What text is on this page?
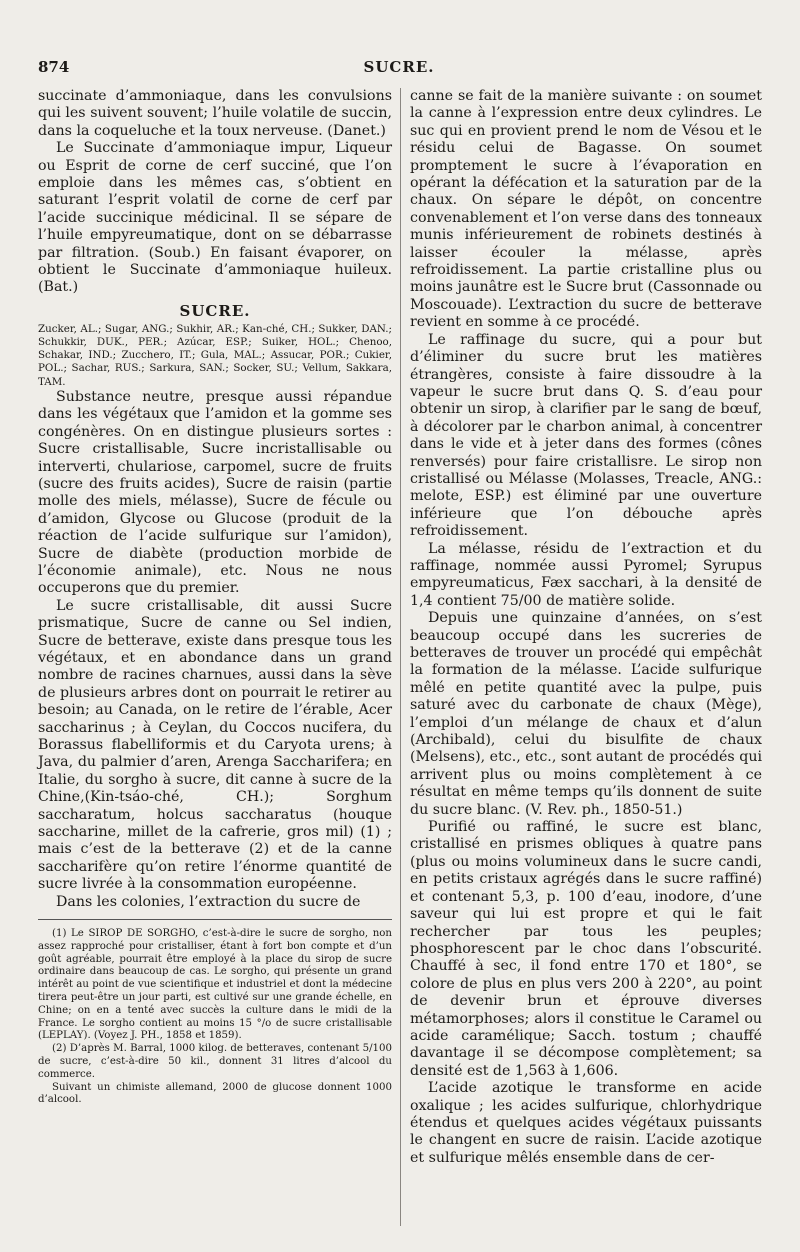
874	SUCRE.

succinate d’ammoniaque, dans les convulsions qui les suivent souvent; l’huile volatile de succin, dans la coqueluche et la toux nerveuse. (Danet.)

Le Succinate d’ammoniaque impur, Liqueur ou Esprit de corne de cerf succiné, que l’on emploie dans les mêmes cas, s’obtient en saturant l’esprit volatil de corne de cerf par l’acide succinique médicinal. Il se sépare de l’huile empyreumatique, dont on se débarrasse par filtration. (Soub.) En faisant évaporer, on obtient le Succinate d’ammoniaque huileux. (Bat.)

SUCRE.

Zucker, AL.; Sugar, ANG.; Sukhir, AR.; Kan-ché, CH.; Sukker, DAN.; Schukkir, DUK., PER.; Azúcar, ESP.; Suiker, HOL.; Chenoo, Schakar, IND.; Zucchero, IT.; Gula, MAL.; Assucar, POR.; Cukier, POL.; Sachar, RUS.; Sarkura, SAN.; Socker, SU.; Vellum, Sakkara, TAM.

Substance neutre, presque aussi répandue dans les végétaux que l’amidon et la gomme ses congénères. On en distingue plusieurs sortes : Sucre cristallisable, Sucre incristallisable ou interverti, chulariose, carpomel, sucre de fruits (sucre des fruits acides), Sucre de raisin (partie molle des miels, mélasse), Sucre de fécule ou d’amidon, Glycose ou Glucose (produit de la réaction de l’acide sulfurique sur l’amidon), Sucre de diabète (production morbide de l’économie animale), etc. Nous ne nous occuperons que du premier.

Le sucre cristallisable, dit aussi Sucre prismatique, Sucre de canne ou Sel indien, Sucre de betterave, existe dans presque tous les végétaux, et en abondance dans un grand nombre de racines charnues, aussi dans la sève de plusieurs arbres dont on pourrait le retirer au besoin; au Canada, on le retire de l’érable, Acer saccharinus ; à Ceylan, du Coccos nucifera, du Borassus flabelliformis et du Caryota urens; à Java, du palmier d’aren, Arenga Saccharifera; en Italie, du sorgho à sucre, dit canne à sucre de la Chine,(Kin-tsáo-ché, CH.); Sorghum saccharatum, holcus saccharatus (houque saccharine, millet de la cafrerie, gros mil) (1) ; mais c’est de la betterave (2) et de la canne saccharifère qu’on retire l’énorme quantité de sucre livrée à la consommation européenne.

Dans les colonies, l’extraction du sucre de

(1) Le SIROP DE SORGHO, c’est-à-dire le sucre de sorgho, non assez rapproché pour cristalliser, étant à fort bon compte et d’un goût agréable, pourrait être employé à la place du sirop de sucre ordinaire dans beaucoup de cas. Le sorgho, qui présente un grand intérêt au point de vue scientifique et industriel et dont la médecine tirera peut-être un jour parti, est cultivé sur une grande échelle, en Chine; on en a tenté avec succès la culture dans le midi de la France. Le sorgho contient au moins 15 °/o de sucre cristallisable (LEPLAY). (Voyez J. PH., 1858 et 1859).

(2) D’après M. Barral, 1000 kilog. de betteraves, contenant 5/100 de sucre, c’est-à-dire 50 kil., donnent 31 litres d’alcool du commerce.

Suivant un chimiste allemand, 2000 de glucose donnent 1000 d’alcool.

canne se fait de la manière suivante : on soumet la canne à l’expression entre deux cylindres. Le suc qui en provient prend le nom de Vésou et le résidu celui de Bagasse. On soumet promptement le sucre à l’évaporation en opérant la défécation et la saturation par de la chaux. On sépare le dépôt, on concentre convenablement et l’on verse dans des tonneaux munis inférieurement de robinets destinés à laisser écouler la mélasse, après refroidissement. La partie cristalline plus ou moins jaunâtre est le Sucre brut (Cassonnade ou Moscouade). L’extraction du sucre de betterave revient en somme à ce procédé.

Le raffinage du sucre, qui a pour but d’éliminer du sucre brut les matières étrangères, consiste à faire dissoudre à la vapeur le sucre brut dans Q. S. d’eau pour obtenir un sirop, à clarifier par le sang de bœuf, à décolorer par le charbon animal, à concentrer dans le vide et à jeter dans des formes (cônes renversés) pour faire cristallisre. Le sirop non cristallisé ou Mélasse (Molasses, Treacle, ANG.: melote, ESP.) est éliminé par une ouverture inférieure que l’on débouche après refroidissement.

La mélasse, résidu de l’extraction et du raffinage, nommée aussi Pyromel; Syrupus empyreumaticus, Fæx sacchari, à la densité de 1,4 contient 75/00 de matière solide.

Depuis une quinzaine d’années, on s’est beaucoup occupé dans les sucreries de betteraves de trouver un procédé qui empêchât la formation de la mélasse. L’acide sulfurique mêlé en petite quantité avec la pulpe, puis saturé avec du carbonate de chaux (Mège), l’emploi d’un mélange de chaux et d’alun (Archibald), celui du bisulfite de chaux (Melsens), etc., etc., sont autant de procédés qui arrivent plus ou moins complètement à ce résultat en même temps qu’ils donnent de suite du sucre blanc. (V. Rev. ph., 1850-51.)

Purifié ou raffiné, le sucre est blanc, cristallisé en prismes obliques à quatre pans (plus ou moins volumineux dans le sucre candi, en petits cristaux agrégés dans le sucre raffiné) et contenant 5,3, p. 100 d’eau, inodore, d’une saveur qui lui est propre et qui le fait rechercher par tous les peuples; phosphorescent par le choc dans l’obscurité. Chauffé à sec, il fond entre 170 et 180°, se colore de plus en plus vers 200 à 220°, au point de devenir brun et éprouve diverses métamorphoses; alors il constitue le Caramel ou acide caramélique; Sacch. tostum ; chauffé davantage il se décompose complètement; sa densité est de 1,563 à 1,606.

L’acide azotique le transforme en acide oxalique ; les acides sulfurique, chlorhydrique étendus et quelques acides végétaux puissants le changent en sucre de raisin. L’acide azotique et sulfurique mêlés ensemble dans de cer-
